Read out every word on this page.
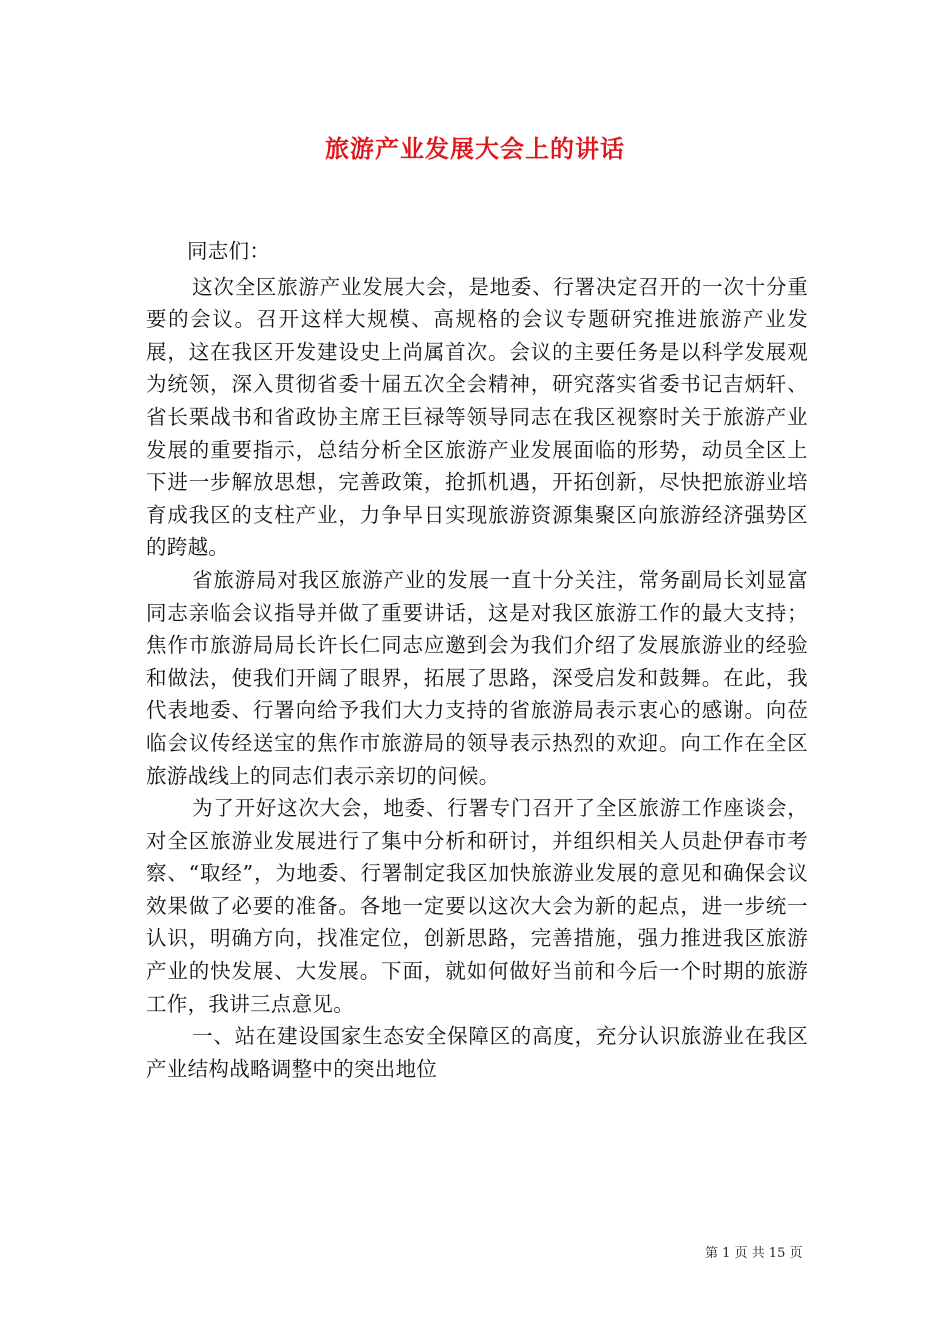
旅游产业发展大会上的讲话

同志们：

这次全区旅游产业发展大会，是地委、行署决定召开的一次十分重要的会议。召开这样大规模、高规格的会议专题研究推进旅游产业发展，这在我区开发建设史上尚属首次。会议的主要任务是以科学发展观为统领，深入贯彻省委十届五次全会精神，研究落实省委书记吉炳轩、省长栗战书和省政协主席王巨禄等领导同志在我区视察时关于旅游产业发展的重要指示，总结分析全区旅游产业发展面临的形势，动员全区上下进一步解放思想，完善政策，抢抓机遇，开拓创新，尽快把旅游业培育成我区的支柱产业，力争早日实现旅游资源集聚区向旅游经济强势区的跨越。

省旅游局对我区旅游产业的发展一直十分关注，常务副局长刘显富同志亲临会议指导并做了重要讲话，这是对我区旅游工作的最大支持；焦作市旅游局局长许长仁同志应邀到会为我们介绍了发展旅游业的经验和做法，使我们开阔了眼界，拓展了思路，深受启发和鼓舞。在此，我代表地委、行署向给予我们大力支持的省旅游局表示衷心的感谢。向莅临会议传经送宝的焦作市旅游局的领导表示热烈的欢迎。向工作在全区旅游战线上的同志们表示亲切的问候。

为了开好这次大会，地委、行署专门召开了全区旅游工作座谈会，对全区旅游业发展进行了集中分析和研讨，并组织相关人员赴伊春市考察、“取经”，为地委、行署制定我区加快旅游业发展的意见和确保会议效果做了必要的准备。各地一定要以这次大会为新的起点，进一步统一认识，明确方向，找准定位，创新思路，完善措施，强力推进我区旅游产业的快发展、大发展。下面，就如何做好当前和今后一个时期的旅游工作，我讲三点意见。

一、站在建设国家生态安全保障区的高度，充分认识旅游业在我区产业结构战略调整中的突出地位

第 1 页 共 15 页
